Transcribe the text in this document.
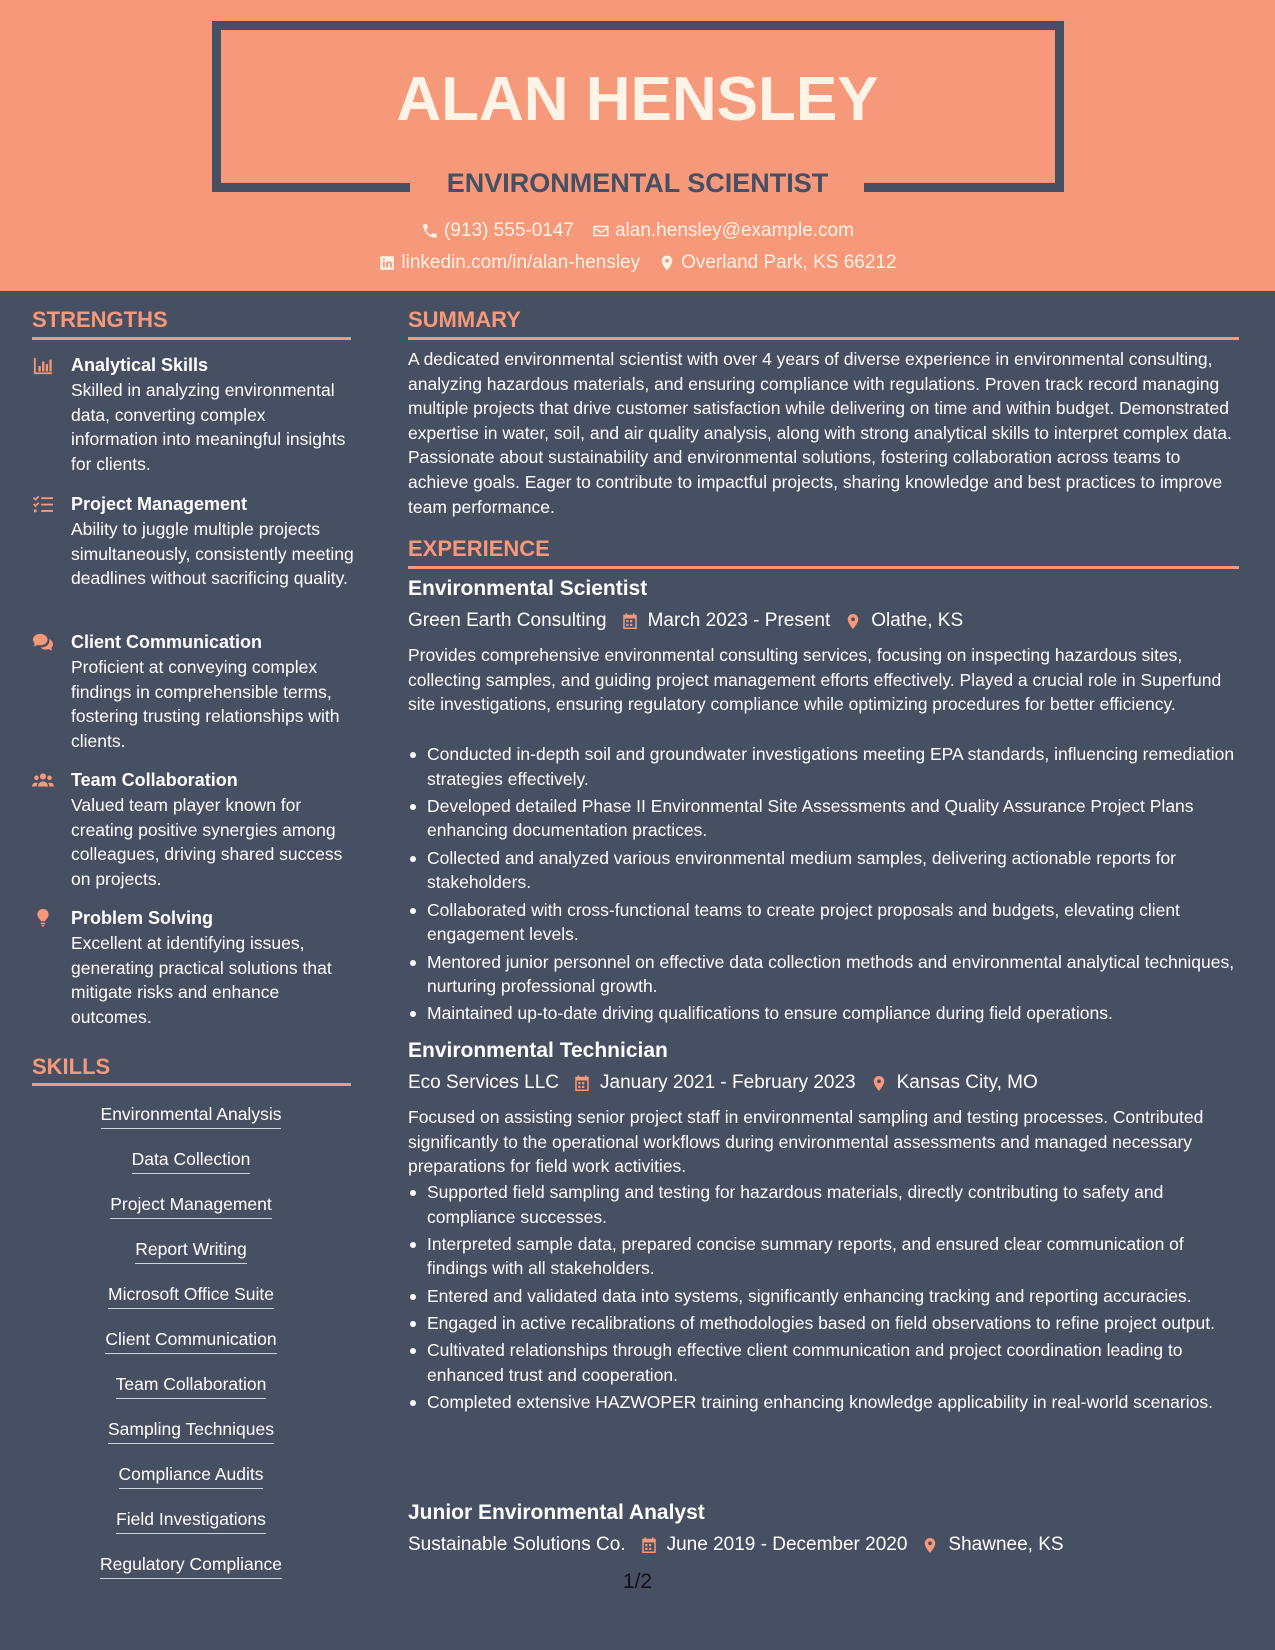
ALAN HENSLEY
ENVIRONMENTAL SCIENTIST
(913) 555-0147 alan.hensley@example.com
linkedin.com/in/alan-hensley Overland Park, KS 66212
STRENGTHS
Analytical Skills
Skilled in analyzing environmental data, converting complex information into meaningful insights for clients.
Project Management
Ability to juggle multiple projects simultaneously, consistently meeting deadlines without sacrificing quality.
Client Communication
Proficient at conveying complex findings in comprehensible terms, fostering trusting relationships with clients.
Team Collaboration
Valued team player known for creating positive synergies among colleagues, driving shared success on projects.
Problem Solving
Excellent at identifying issues, generating practical solutions that mitigate risks and enhance outcomes.
SKILLS
Environmental Analysis
Data Collection
Project Management
Report Writing
Microsoft Office Suite
Client Communication
Team Collaboration
Sampling Techniques
Compliance Audits
Field Investigations
Regulatory Compliance
SUMMARY
A dedicated environmental scientist with over 4 years of diverse experience in environmental consulting, analyzing hazardous materials, and ensuring compliance with regulations. Proven track record managing multiple projects that drive customer satisfaction while delivering on time and within budget. Demonstrated expertise in water, soil, and air quality analysis, along with strong analytical skills to interpret complex data. Passionate about sustainability and environmental solutions, fostering collaboration across teams to achieve goals. Eager to contribute to impactful projects, sharing knowledge and best practices to improve team performance.
EXPERIENCE
Environmental Scientist
Green Earth Consulting March 2023 - Present Olathe, KS
Provides comprehensive environmental consulting services, focusing on inspecting hazardous sites, collecting samples, and guiding project management efforts effectively. Played a crucial role in Superfund site investigations, ensuring regulatory compliance while optimizing procedures for better efficiency.
Conducted in-depth soil and groundwater investigations meeting EPA standards, influencing remediation strategies effectively.
Developed detailed Phase II Environmental Site Assessments and Quality Assurance Project Plans enhancing documentation practices.
Collected and analyzed various environmental medium samples, delivering actionable reports for stakeholders.
Collaborated with cross-functional teams to create project proposals and budgets, elevating client engagement levels.
Mentored junior personnel on effective data collection methods and environmental analytical techniques, nurturing professional growth.
Maintained up-to-date driving qualifications to ensure compliance during field operations.
Environmental Technician
Eco Services LLC January 2021 - February 2023 Kansas City, MO
Focused on assisting senior project staff in environmental sampling and testing processes. Contributed significantly to the operational workflows during environmental assessments and managed necessary preparations for field work activities.
Supported field sampling and testing for hazardous materials, directly contributing to safety and compliance successes.
Interpreted sample data, prepared concise summary reports, and ensured clear communication of findings with all stakeholders.
Entered and validated data into systems, significantly enhancing tracking and reporting accuracies.
Engaged in active recalibrations of methodologies based on field observations to refine project output.
Cultivated relationships through effective client communication and project coordination leading to enhanced trust and cooperation.
Completed extensive HAZWOPER training enhancing knowledge applicability in real-world scenarios.
Junior Environmental Analyst
Sustainable Solutions Co. June 2019 - December 2020 Shawnee, KS
1/2
